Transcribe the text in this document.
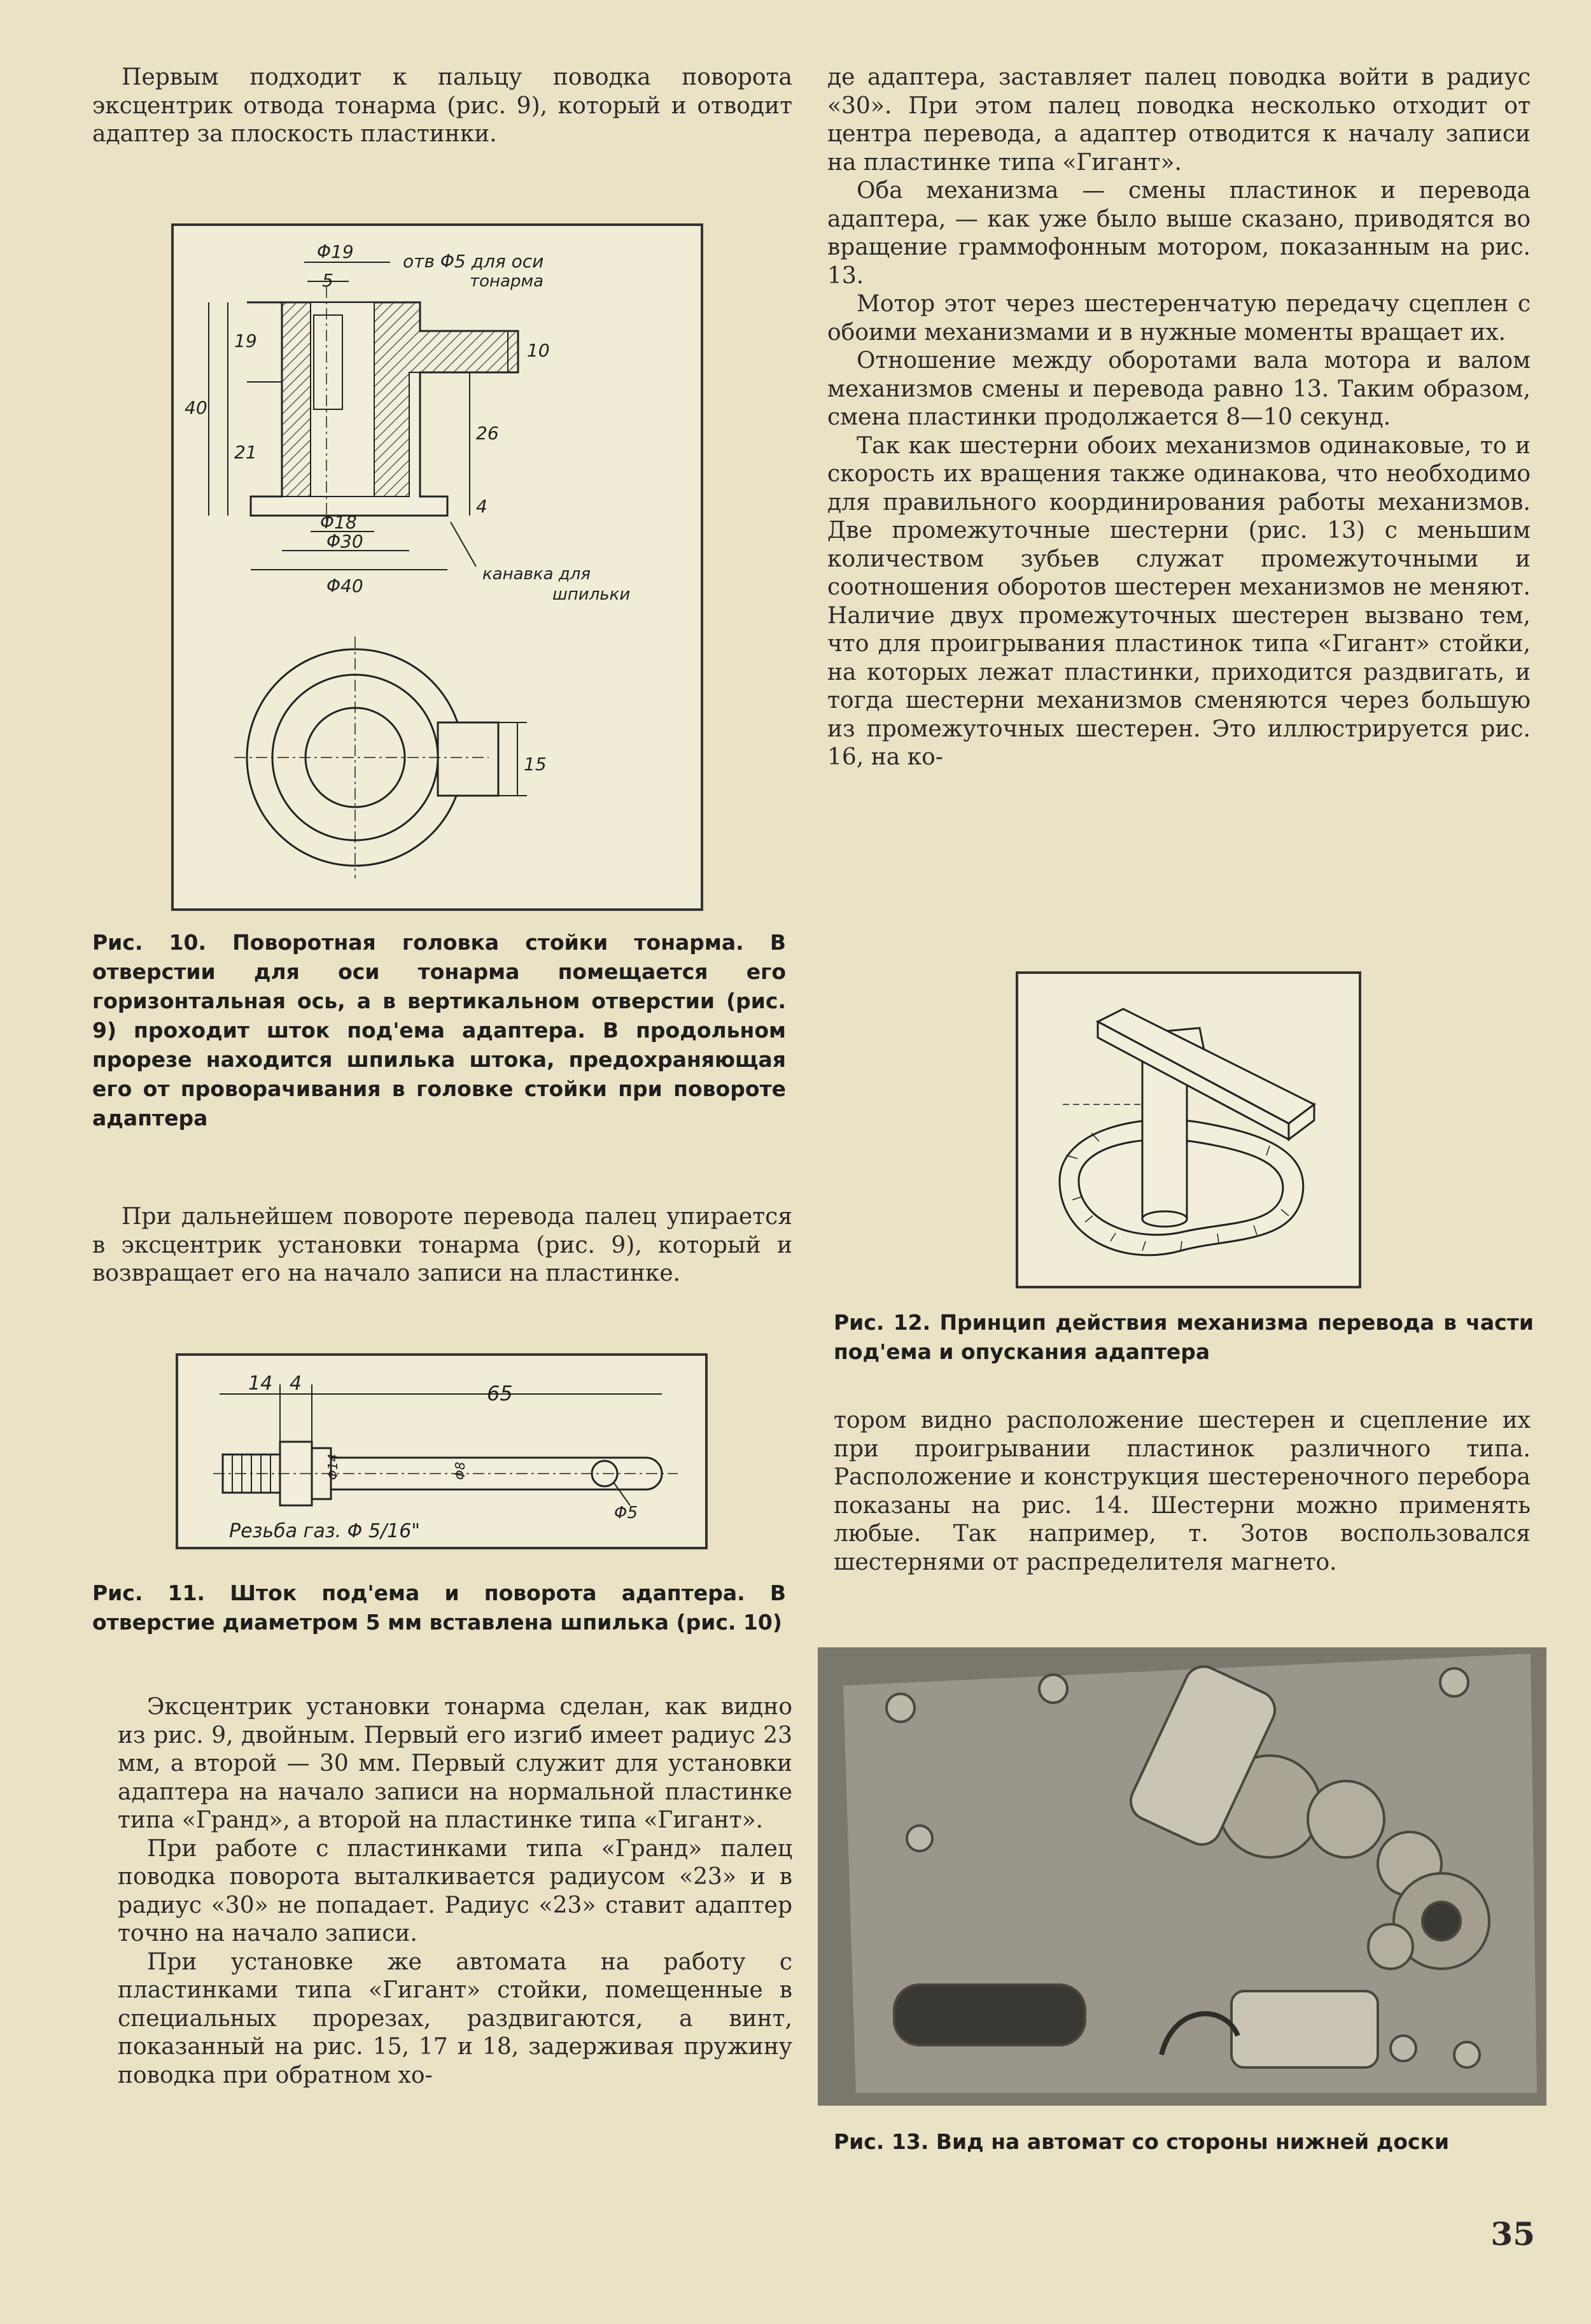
Первым подходит к пальцу поводка поворота эксцентрик отвода тонарма (рис. 9), который и отводит адаптер за плоскость пластинки.

Φ19
5
отв Φ5 для оси
тонарма
10
19
40
21
26
4
Φ18
Φ30
Φ40
канавка для
шпильки
15
Рис. 10. Поворотная головка стойки тонарма. В отверстии для оси тонарма помещается его горизонтальная ось, а в вертикальном отверстии (рис. 9) проходит шток под'ема адаптера. В продольном прорезе находится шпилька штока, предохраняющая его от проворачивания в головке стойки при повороте адаптера

При дальнейшем повороте перевода палец упирается в эксцентрик установки тонарма (рис. 9), который и возвращает его на начало записи на пластинке.

14 4	65
Φ14	Φ8
Φ5
Резьба газ. Φ 5/16"
Рис. 11. Шток под'ема и поворота адаптера. В отверстие диаметром 5 мм вставлена шпилька (рис. 10)

Эксцентрик установки тонарма сделан, как видно из рис. 9, двойным. Первый его изгиб имеет радиус 23 мм, а второй — 30 мм. Первый служит для установки адаптера на начало записи на нормальной пластинке типа «Гранд», а второй на пластинке типа «Гигант».

При работе с пластинками типа «Гранд» палец поводка поворота выталкивается радиусом «23» и в радиус «30» не попадает. Радиус «23» ставит адаптер точно на начало записи.

При установке же автомата на работу с пластинками типа «Гигант» стойки, помещенные в специальных прорезах, раздвигаются, а винт, показанный на рис. 15, 17 и 18, задерживая пружину поводка при обратном хо-

де адаптера, заставляет палец поводка войти в радиус «30». При этом палец поводка несколько отходит от центра перевода, а адаптер отводится к началу записи на пластинке типа «Гигант».

Оба механизма — смены пластинок и перевода адаптера, — как уже было выше сказано, приводятся во вращение граммофонным мотором, показанным на рис. 13.

Мотор этот через шестеренчатую передачу сцеплен с обоими механизмами и в нужные моменты вращает их.

Отношение между оборотами вала мотора и валом механизмов смены и перевода равно 13. Таким образом, смена пластинки продолжается 8—10 секунд.

Так как шестерни обоих механизмов одинаковые, то и скорость их вращения также одинакова, что необходимо для правильного координирования работы механизмов. Две промежуточные шестерни (рис. 13) с меньшим количеством зубьев служат промежуточными и соотношения оборотов шестерен механизмов не меняют. Наличие двух промежуточных шестерен вызвано тем, что для проигрывания пластинок типа «Гигант» стойки, на которых лежат пластинки, приходится раздвигать, и тогда шестерни механизмов сменяются через большую из промежуточных шестерен. Это иллюстрируется рис. 16, на ко-

Рис. 12. Принцип действия механизма перевода в части под'ема и опускания адаптера

тором видно расположение шестерен и сцепление их при проигрывании пластинок различного типа. Расположение и конструкция шестереночного перебора показаны на рис. 14. Шестерни можно применять любые. Так например, т. Зотов воспользовался шестернями от распределителя магнето.

Рис. 13. Вид на автомат со стороны нижней доски
35
